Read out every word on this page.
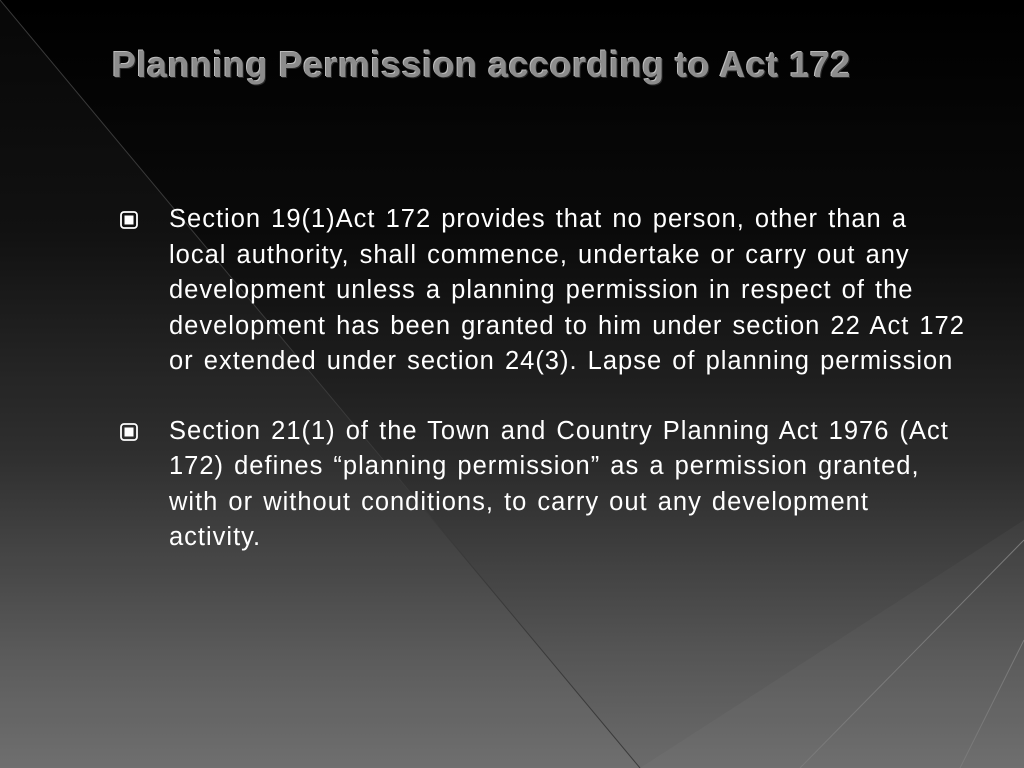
Planning Permission according to Act 172
Section 19(1)Act 172 provides that no person, other than a local authority, shall commence, undertake or carry out any development unless a planning permission in respect of the development has been granted to him under section 22 Act 172 or extended under section 24(3). Lapse of planning permission
Section 21(1) of the Town and Country Planning Act 1976 (Act 172) defines “planning permission” as a permission granted, with or without conditions, to carry out any development activity.
